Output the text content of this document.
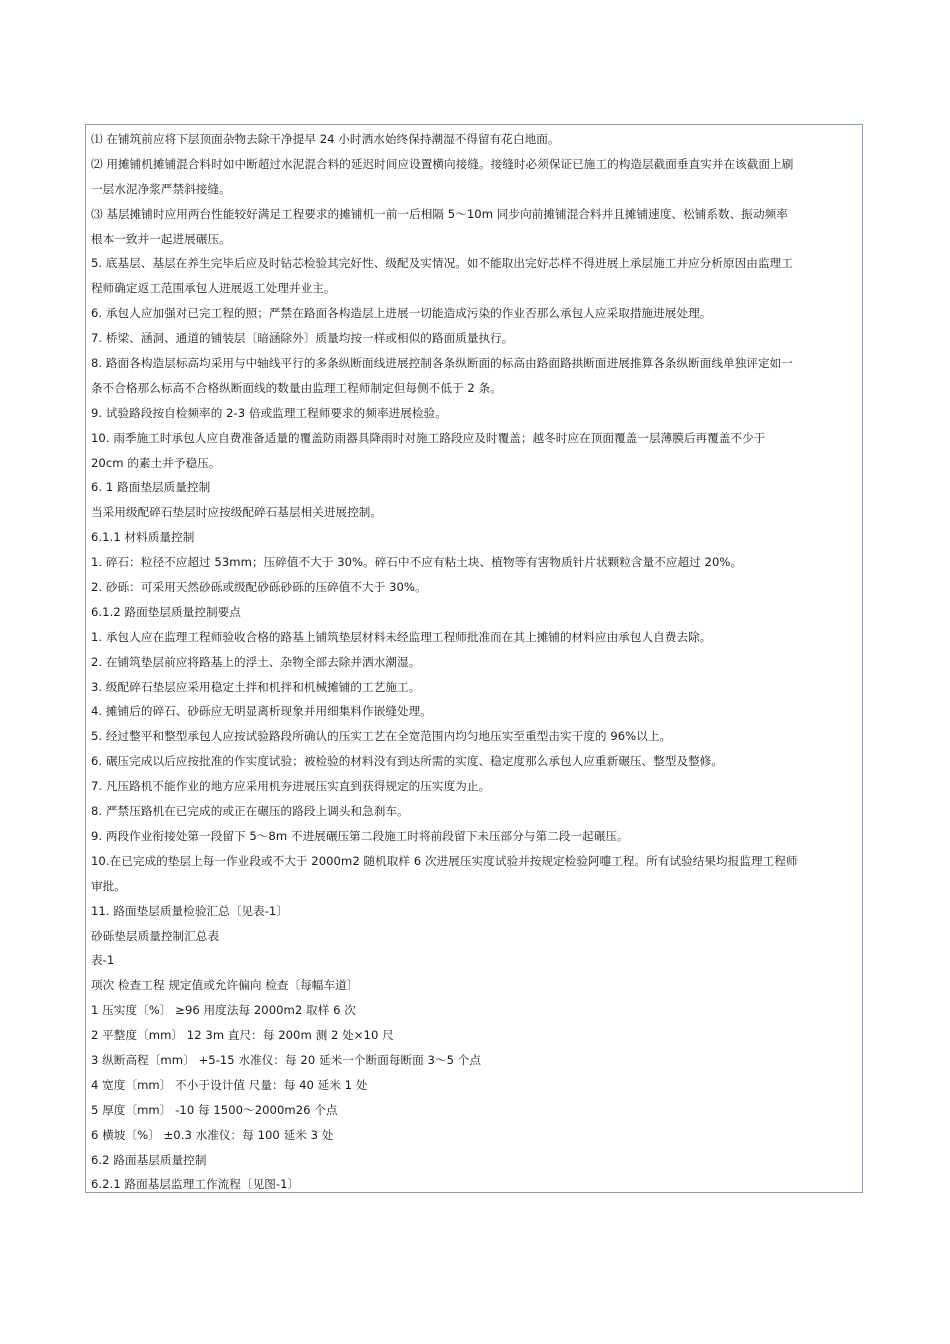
⑴ 在铺筑前应将下层顶面杂物去除干净提早 24 小时洒水始终保持潮湿不得留有花白地面。
⑵ 用摊铺机摊铺混合料时如中断超过水泥混合料的延迟时间应设置横向接缝。接缝时必须保证已施工的构造层截面垂直实并在该截面上刷
一层水泥净浆严禁斜接缝。
⑶ 基层摊铺时应用两台性能较好满足工程要求的摊铺机一前一后相隔 5～10m 同步向前摊铺混合料并且摊铺速度、松铺系数、振动频率
根本一致并一起进展碾压。
5. 底基层、基层在养生完毕后应及时钻芯检验其完好性、级配及实情况。如不能取出完好芯样不得进展上承层施工并应分析原因由监理工
程师确定返工范围承包人进展返工处理并业主。
6. 承包人应加强对已完工程的照；严禁在路面各构造层上进展一切能造成污染的作业否那么承包人应采取措施进展处理。
7. 桥梁、涵洞、通道的铺装层〔暗涵除外〕质量均按一样或相似的路面质量执行。
8. 路面各构造层标高均采用与中轴线平行的多条纵断面线进展控制各条纵断面的标高由路面路拱断面进展推算各条纵断面线单独评定如一
条不合格那么标高不合格纵断面线的数量由监理工程师制定但每侧不低于 2 条。
9. 试验路段按自检频率的 2-3 倍或监理工程师要求的频率进展检验。
10. 雨季施工时承包人应自费准备适量的覆盖防雨器具降雨时对施工路段应及时覆盖；越冬时应在顶面覆盖一层薄膜后再覆盖不少于
20cm 的素土并予稳压。
6. 1 路面垫层质量控制
当采用级配碎石垫层时应按级配碎石基层相关进展控制。
6.1.1 材料质量控制
1. 碎石：粒径不应超过 53mm；压碎值不大于 30%。碎石中不应有粘土块、植物等有害物质针片状颗粒含量不应超过 20%。
2. 砂砾：可采用天然砂砾或级配砂砾砂砾的压碎值不大于 30%。
6.1.2 路面垫层质量控制要点
1. 承包人应在监理工程师验收合格的路基上铺筑垫层材料未经监理工程师批准而在其上摊铺的材料应由承包人自费去除。
2. 在铺筑垫层前应将路基上的浮土、杂物全部去除并洒水潮湿。
3. 级配碎石垫层应采用稳定土拌和机拌和机械摊铺的工艺施工。
4. 摊铺后的碎石、砂砾应无明显离析现象并用细集料作嵌缝处理。
5. 经过整平和整型承包人应按试验路段所确认的压实工艺在全宽范围内均匀地压实至重型击实干度的 96%以上。
6. 碾压完成以后应按批准的作实度试验；被检验的材料没有到达所需的实度、稳定度那么承包人应重新碾压、整型及整修。
7. 凡压路机不能作业的地方应采用机夯进展压实直到获得规定的压实度为止。
8. 严禁压路机在已完成的或正在碾压的路段上调头和急刹车。
9. 两段作业衔接处第一段留下 5～8m 不进展碾压第二段施工时将前段留下未压部分与第二段一起碾压。
10.在已完成的垫层上每一作业段或不大于 2000m2 随机取样 6 次进展压实度试验并按规定检验阿嚏工程。所有试验结果均报监理工程师
审批。
11. 路面垫层质量检验汇总〔见表-1〕
砂砾垫层质量控制汇总表
表-1
项次 检查工程 规定值或允许偏向 检查〔每幅车道〕
1 压实度〔%〕 ≥96 用度法每 2000m2 取样 6 次
2 平整度〔mm〕 12 3m 直尺：每 200m 测 2 处×10 尺
3 纵断高程〔mm〕 +5-15 水准仪：每 20 延米一个断面每断面 3～5 个点
4 宽度〔mm〕 不小于设计值 尺量：每 40 延米 1 处
5 厚度〔mm〕 -10 每 1500～2000m26 个点
6 横坡〔%〕 ±0.3 水准仪：每 100 延米 3 处
6.2 路面基层质量控制
6.2.1 路面基层监理工作流程〔见图-1〕
